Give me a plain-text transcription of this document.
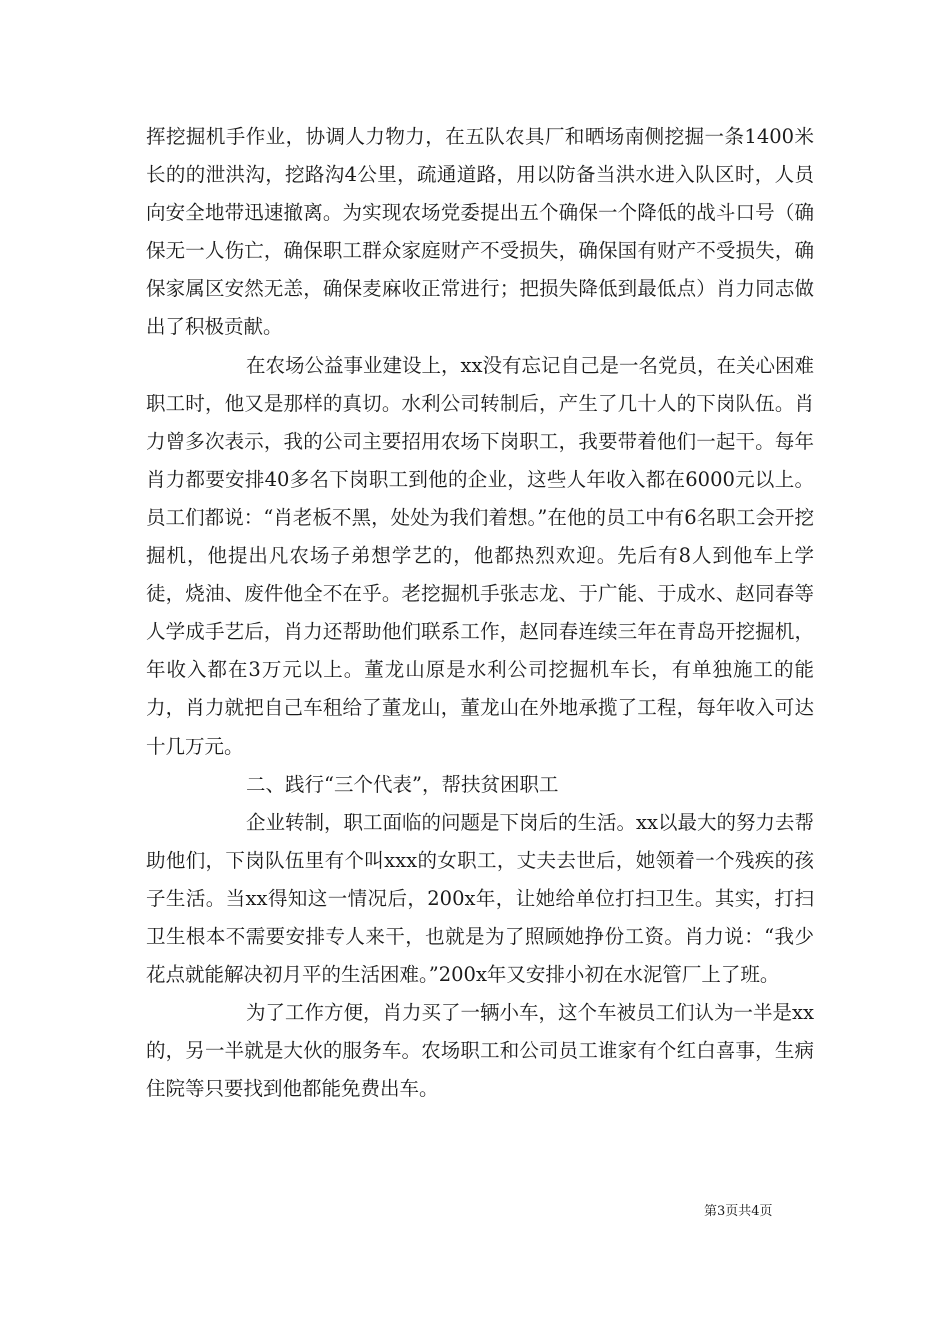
挥挖掘机手作业，协调人力物力，在五队农具厂和晒场南侧挖掘一条1400米长的的泄洪沟，挖路沟4公里，疏通道路，用以防备当洪水进入队区时，人员向安全地带迅速撤离。为实现农场党委提出五个确保一个降低的战斗口号（确保无一人伤亡，确保职工群众家庭财产不受损失，确保国有财产不受损失，确保家属区安然无恙，确保麦麻收正常进行；把损失降低到最低点）肖力同志做出了积极贡献。

在农场公益事业建设上，xx没有忘记自己是一名党员，在关心困难职工时，他又是那样的真切。水利公司转制后，产生了几十人的下岗队伍。肖力曾多次表示，我的公司主要招用农场下岗职工，我要带着他们一起干。每年肖力都要安排40多名下岗职工到他的企业，这些人年收入都在6000元以上。员工们都说：“肖老板不黑，处处为我们着想。”在他的员工中有6名职工会开挖掘机，他提出凡农场子弟想学艺的，他都热烈欢迎。先后有8人到他车上学徒，烧油、废件他全不在乎。老挖掘机手张志龙、于广能、于成水、赵同春等人学成手艺后，肖力还帮助他们联系工作，赵同春连续三年在青岛开挖掘机，年收入都在3万元以上。董龙山原是水利公司挖掘机车长，有单独施工的能力，肖力就把自己车租给了董龙山，董龙山在外地承揽了工程，每年收入可达十几万元。

二、践行“三个代表”，帮扶贫困职工

企业转制，职工面临的问题是下岗后的生活。xx以最大的努力去帮助他们，下岗队伍里有个叫xxx的女职工，丈夫去世后，她领着一个残疾的孩子生活。当xx得知这一情况后，200x年，让她给单位打扫卫生。其实，打扫卫生根本不需要安排专人来干，也就是为了照顾她挣份工资。肖力说：“我少花点就能解决初月平的生活困难。”200x年又安排小初在水泥管厂上了班。

为了工作方便，肖力买了一辆小车，这个车被员工们认为一半是xx的，另一半就是大伙的服务车。农场职工和公司员工谁家有个红白喜事，生病住院等只要找到他都能免费出车。

第3页共4页
